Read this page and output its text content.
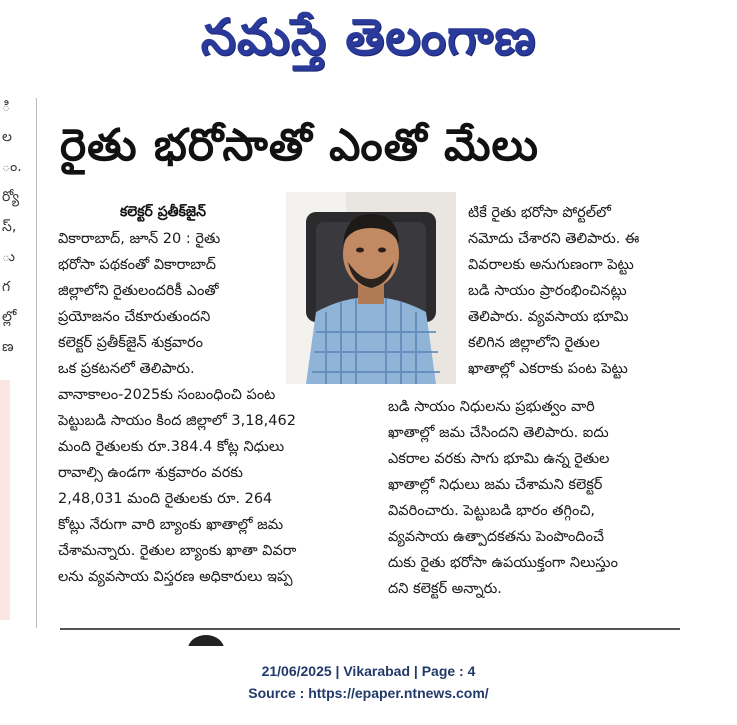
నమస్తే తెలంగాణ
ి
ల
ం.
ర్యో
స్,
ు
గ
ల్లో
ణ
రైతు భరోసాతో ఎంతో మేలు
కలెక్టర్ ప్రతీక్‌జైన్
వికారాబాద్, జూన్ 20 : రైతు
భరోసా పథకంతో వికారాబాద్
జిల్లాలోని రైతులందరికీ ఎంతో
ప్రయోజనం చేకూరుతుందని
కలెక్టర్ ప్రతీక్‌జైన్ శుక్రవారం
ఒక ప్రకటనలో తెలిపారు.
వానాకాలం-2025కు సంబంధించి పంట
పెట్టుబడి సాయం కింద జిల్లాలో 3,18,462
మంది రైతులకు రూ.384.4 కోట్ల నిధులు
రావాల్సి ఉండగా శుక్రవారం వరకు
2,48,031 మంది రైతులకు రూ. 264
కోట్లు నేరుగా వారి బ్యాంకు ఖాతాల్లో జమ
చేశామన్నారు. రైతుల బ్యాంకు ఖాతా వివరా
లను వ్యవసాయ విస్తరణ అధికారులు ఇప్ప
టికే రైతు భరోసా పోర్టల్‌లో
నమోదు చేశారని తెలిపారు. ఈ
వివరాలకు అనుగుణంగా పెట్టు
బడి సాయం ప్రారంభించినట్లు
తెలిపారు. వ్యవసాయ భూమి
కలిగిన జిల్లాలోని రైతుల
ఖాతాల్లో ఎకరాకు పంట పెట్టు
బడి సాయం నిధులను ప్రభుత్వం వారి
ఖాతాల్లో జమ చేసిందని తెలిపారు. ఐదు
ఎకరాల వరకు సాగు భూమి ఉన్న రైతుల
ఖాతాల్లో నిధులు జమ చేశామని కలెక్టర్
వివరించారు. పెట్టుబడి భారం తగ్గించి,
వ్యవసాయ ఉత్పాదకతను పెంపొందించే
దుకు రైతు భరోసా ఉపయుక్తంగా నిలుస్తుం
దని కలెక్టర్ అన్నారు.
21/06/2025 | Vikarabad | Page : 4
Source : https://epaper.ntnews.com/
